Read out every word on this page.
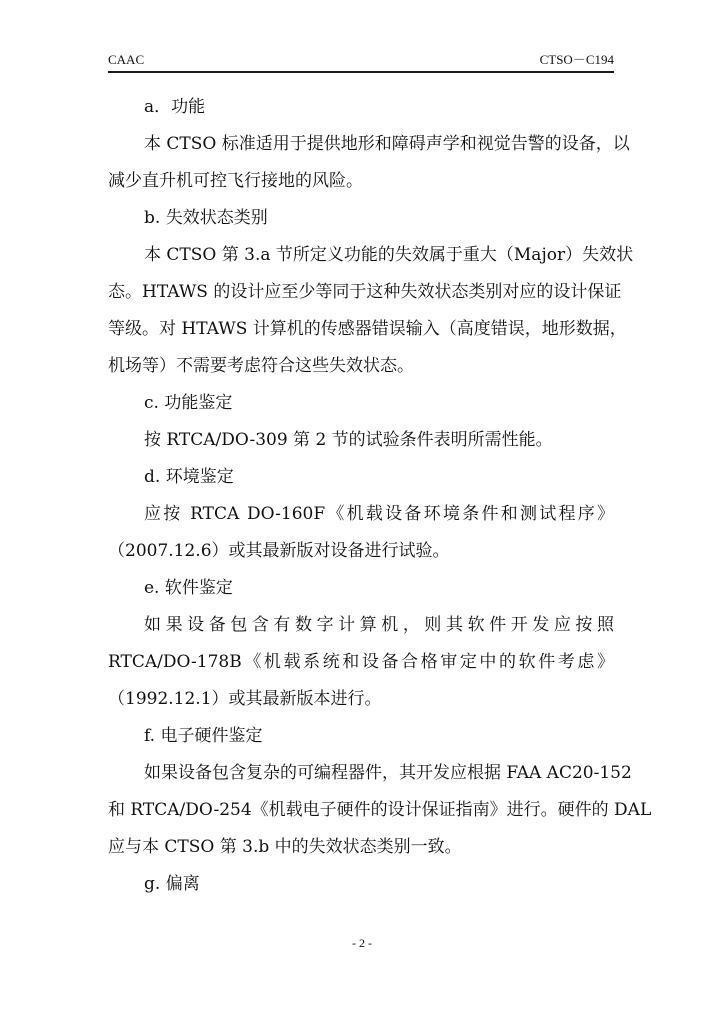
CAAC	CTSO－C194

a．功能

本 CTSO 标准适用于提供地形和障碍声学和视觉告警的设备，以

减少直升机可控飞行接地的风险。

b. 失效状态类别

本 CTSO 第 3.a 节所定义功能的失效属于重大（Major）失效状

态。HTAWS 的设计应至少等同于这种失效状态类别对应的设计保证

等级。对 HTAWS 计算机的传感器错误输入（高度错误，地形数据，

机场等）不需要考虑符合这些失效状态。

c. 功能鉴定

按 RTCA/DO-309 第 2 节的试验条件表明所需性能。

d. 环境鉴定

应按 RTCA DO-160F《机载设备环境条件和测试程序》

（2007.12.6）或其最新版对设备进行试验。

e. 软件鉴定

如果设备包含有数字计算机，则其软件开发应按照

RTCA/DO-178B《机载系统和设备合格审定中的软件考虑》

（1992.12.1）或其最新版本进行。

f. 电子硬件鉴定

如果设备包含复杂的可编程器件，其开发应根据 FAA AC20-152

和 RTCA/DO-254《机载电子硬件的设计保证指南》进行。硬件的 DAL

应与本 CTSO 第 3.b 中的失效状态类别一致。

g. 偏离

- 2 -
